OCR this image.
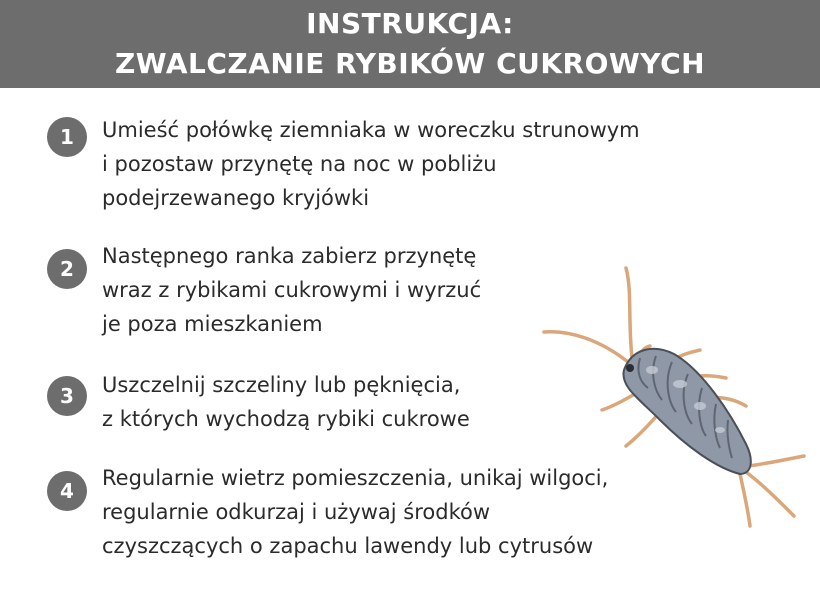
INSTRUKCJA:
ZWALCZANIE RYBIKÓW CUKROWYCH
1	Umieść połówkę ziemniaka w woreczku strunowym
i pozostaw przynętę na noc w pobliżu
podejrzewanego kryjówki
2
Następnego ranka zabierz przynętę
wraz z rybikami cukrowymi i wyrzuć
je poza mieszkaniem
3	Uszczelnij szczeliny lub pęknięcia,
z których wychodzą rybiki cukrowe
4
Regularnie wietrz pomieszczenia, unikaj wilgoci,
regularnie odkurzaj i używaj środków
czyszczących o zapachu lawendy lub cytrusów
